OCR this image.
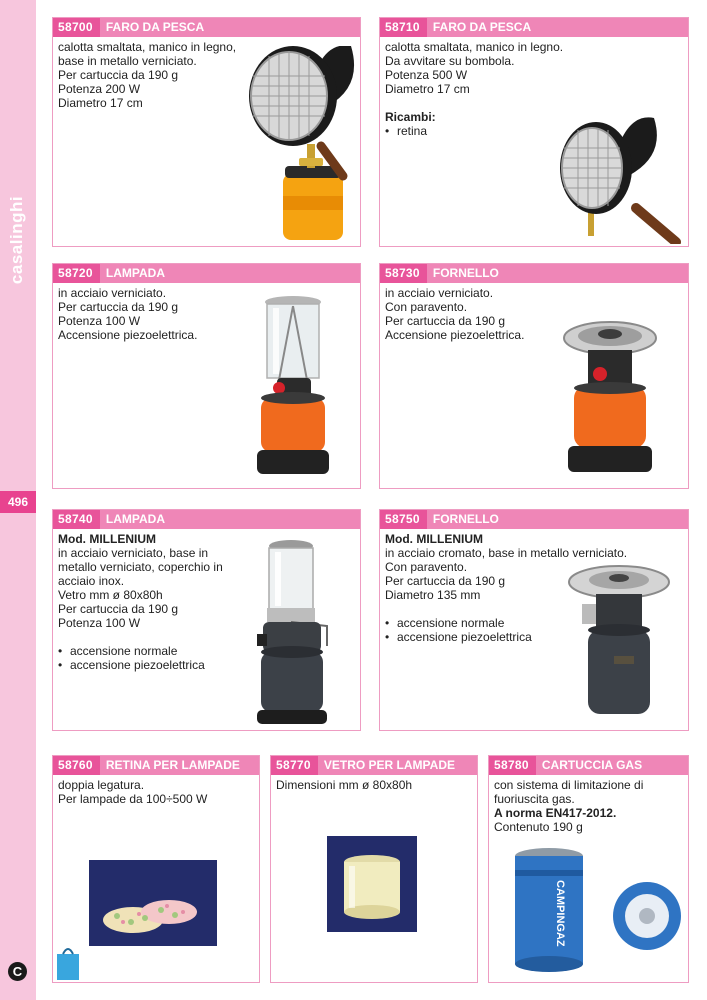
casalinghi
496
C
58700 FARO DA PESCA

calotta smaltata, manico in legno,

base in metallo verniciato.

Per cartuccia da 190 g

Potenza 200 W

Diametro 17 cm

58710 FARO DA PESCA

calotta smaltata, manico in legno.

Da avvitare su bombola.

Potenza 500 W

Diametro 17 cm

Ricambi:

• retina
58720 LAMPADA

in acciaio verniciato.

Per cartuccia da 190 g

Potenza 100 W

Accensione piezoelettrica.

58730 FORNELLO

in acciaio verniciato.

Con paravento.

Per cartuccia da 190 g

Accensione piezoelettrica.

58740 LAMPADA

Mod. MILLENIUM

in acciaio verniciato, base in

metallo verniciato, coperchio in

acciaio inox.

Vetro mm ø 80x80h

Per cartuccia da 190 g

Potenza 100 W

• accensione normale
• accensione piezoelettrica
58750 FORNELLO

Mod. MILLENIUM

in acciaio cromato, base in metallo verniciato.

Con paravento.

Per cartuccia da 190 g

Diametro 135 mm

• accensione normale
• accensione piezoelettrica
58760 RETINA PER LAMPADE

doppia legatura.

Per lampade da 100÷500 W

58770 VETRO PER LAMPADE

Dimensioni mm ø 80x80h

58780 CARTUCCIA GAS

con sistema di limitazione di

fuoriuscita gas.

A norma EN417-2012.

Contenuto 190 g

CAMPINGAZ
